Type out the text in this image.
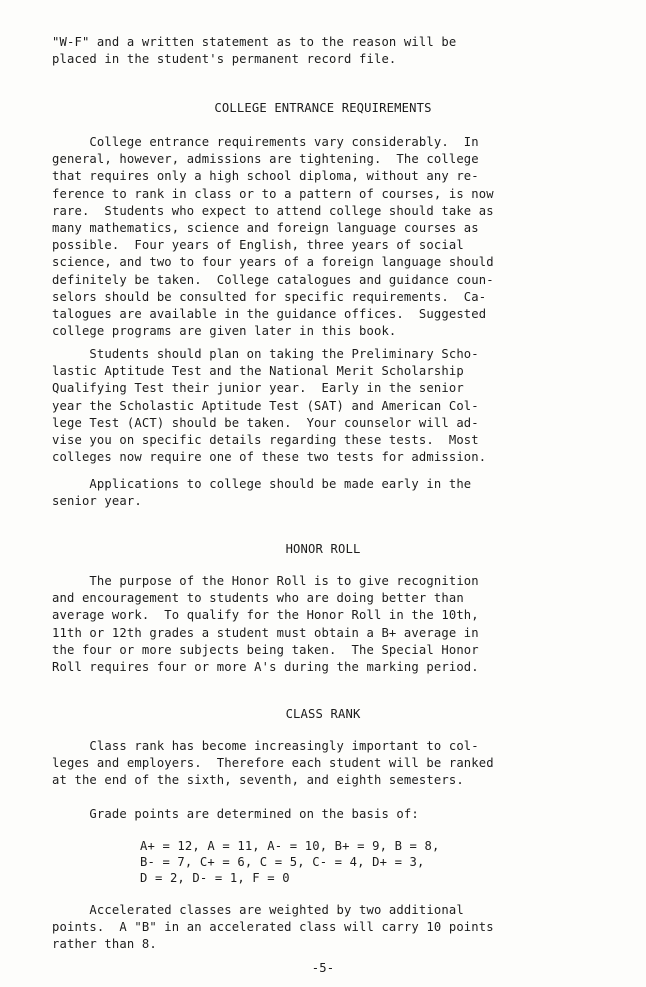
"W-F" and a written statement as to the reason will be
placed in the student's permanent record file.
COLLEGE ENTRANCE REQUIREMENTS
College entrance requirements vary considerably.  In
general, however, admissions are tightening.  The college
that requires only a high school diploma, without any re-
ference to rank in class or to a pattern of courses, is now
rare.  Students who expect to attend college should take as
many mathematics, science and foreign language courses as
possible.  Four years of English, three years of social
science, and two to four years of a foreign language should
definitely be taken.  College catalogues and guidance coun-
selors should be consulted for specific requirements.  Ca-
talogues are available in the guidance offices.  Suggested
college programs are given later in this book.
Students should plan on taking the Preliminary Scho-
lastic Aptitude Test and the National Merit Scholarship
Qualifying Test their junior year.  Early in the senior
year the Scholastic Aptitude Test (SAT) and American Col-
lege Test (ACT) should be taken.  Your counselor will ad-
vise you on specific details regarding these tests.  Most
colleges now require one of these two tests for admission.
Applications to college should be made early in the
senior year.
HONOR ROLL
The purpose of the Honor Roll is to give recognition
and encouragement to students who are doing better than
average work.  To qualify for the Honor Roll in the 10th,
11th or 12th grades a student must obtain a B+ average in
the four or more subjects being taken.  The Special Honor
Roll requires four or more A's during the marking period.
CLASS RANK
Class rank has become increasingly important to col-
leges and employers.  Therefore each student will be ranked
at the end of the sixth, seventh, and eighth semesters.
Grade points are determined on the basis of:
A+ = 12, A = 11, A- = 10, B+ = 9, B = 8,
B- = 7, C+ = 6, C = 5, C- = 4, D+ = 3,
D = 2, D- = 1, F = 0
Accelerated classes are weighted by two additional
points.  A "B" in an accelerated class will carry 10 points
rather than 8.
-5-
